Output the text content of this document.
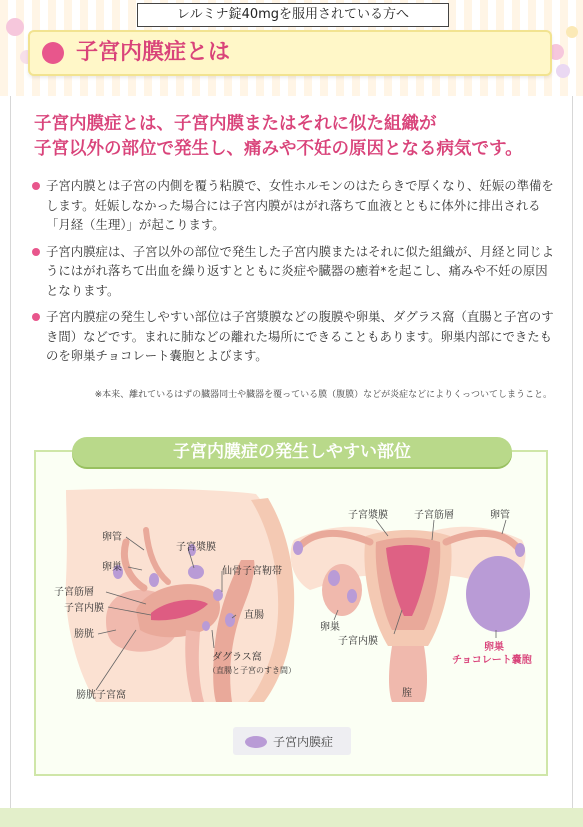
レルミナ錠40mgを服用されている方へ
子宮内膜症とは

子宮内膜症とは、子宮内膜またはそれに似た組織が
子宮以外の部位で発生し、痛みや不妊の原因となる病気です。

子宮内膜とは子宮の内側を覆う粘膜で、女性ホルモンのはたらきで厚くなり、妊娠の準備をします。妊娠しなかった場合には子宮内膜がはがれ落ちて血液とともに体外に排出される「月経（生理）」が起こります。
子宮内膜症は、子宮以外の部位で発生した子宮内膜またはそれに似た組織が、月経と同じようにはがれ落ちて出血を繰り返すとともに炎症や臓器の癒着*を起こし、痛みや不妊の原因となります。
子宮内膜症の発生しやすい部位は子宮漿膜などの腹膜や卵巣、ダグラス窩（直腸と子宮のすき間）などです。まれに肺などの離れた場所にできることもあります。卵巣内部にできたものを卵巣チョコレート嚢胞とよびます。

※本来、離れているはずの臓器同士や臓器を覆っている膜（腹膜）などが炎症などによりくっついてしまうこと。

子宮内膜症の発生しやすい部位
卵管
卵巣
子宮筋層
子宮内膜
膀胱
膀胱子宮窩
子宮漿膜
仙骨子宮靭帯
直腸
ダグラス窩
（直腸と子宮のすき間）
子宮漿膜	子宮筋層	卵管
卵巣
子宮内膜
腟
卵巣
チョコレート嚢胞
子宮内膜症
